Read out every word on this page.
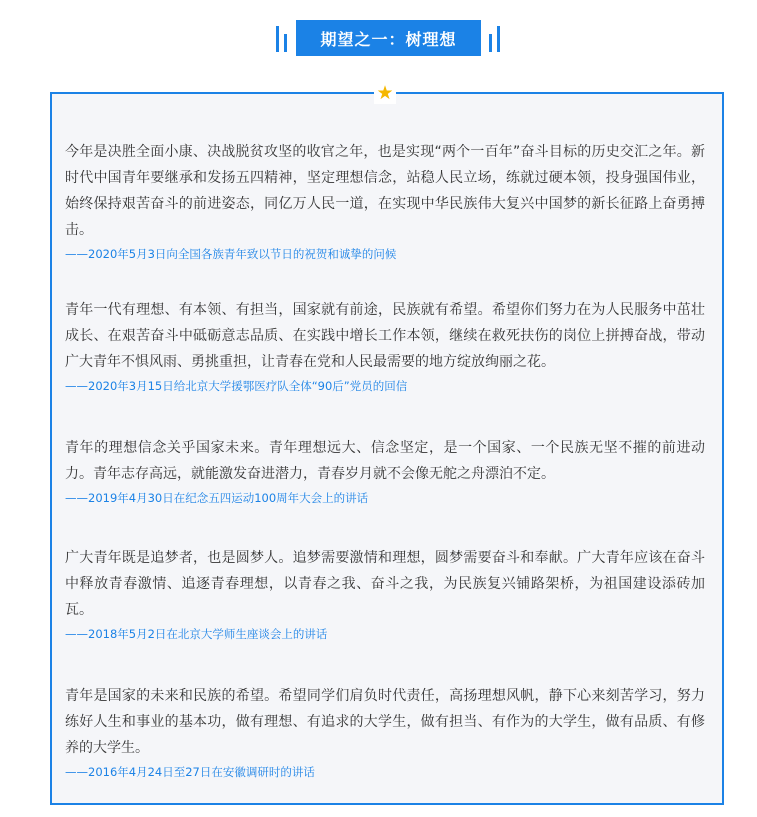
期望之一：树理想
★

今年是决胜全面小康、决战脱贫攻坚的收官之年，也是实现“两个一百年”奋斗目标的历史交汇之年。新时代中国青年要继承和发扬五四精神，坚定理想信念，站稳人民立场，练就过硬本领，投身强国伟业，始终保持艰苦奋斗的前进姿态，同亿万人民一道，在实现中华民族伟大复兴中国梦的新长征路上奋勇搏击。

——2020年5月3日向全国各族青年致以节日的祝贺和诚挚的问候

青年一代有理想、有本领、有担当，国家就有前途，民族就有希望。希望你们努力在为人民服务中茁壮成长、在艰苦奋斗中砥砺意志品质、在实践中增长工作本领，继续在救死扶伤的岗位上拼搏奋战，带动广大青年不惧风雨、勇挑重担，让青春在党和人民最需要的地方绽放绚丽之花。

——2020年3月15日给北京大学援鄂医疗队全体“90后”党员的回信

青年的理想信念关乎国家未来。青年理想远大、信念坚定，是一个国家、一个民族无坚不摧的前进动力。青年志存高远，就能激发奋进潜力，青春岁月就不会像无舵之舟漂泊不定。

——2019年4月30日在纪念五四运动100周年大会上的讲话

广大青年既是追梦者，也是圆梦人。追梦需要激情和理想，圆梦需要奋斗和奉献。广大青年应该在奋斗中释放青春激情、追逐青春理想，以青春之我、奋斗之我，为民族复兴铺路架桥，为祖国建设添砖加瓦。

——2018年5月2日在北京大学师生座谈会上的讲话

青年是国家的未来和民族的希望。希望同学们肩负时代责任，高扬理想风帆，静下心来刻苦学习，努力练好人生和事业的基本功，做有理想、有追求的大学生，做有担当、有作为的大学生，做有品质、有修养的大学生。

——2016年4月24日至27日在安徽调研时的讲话
